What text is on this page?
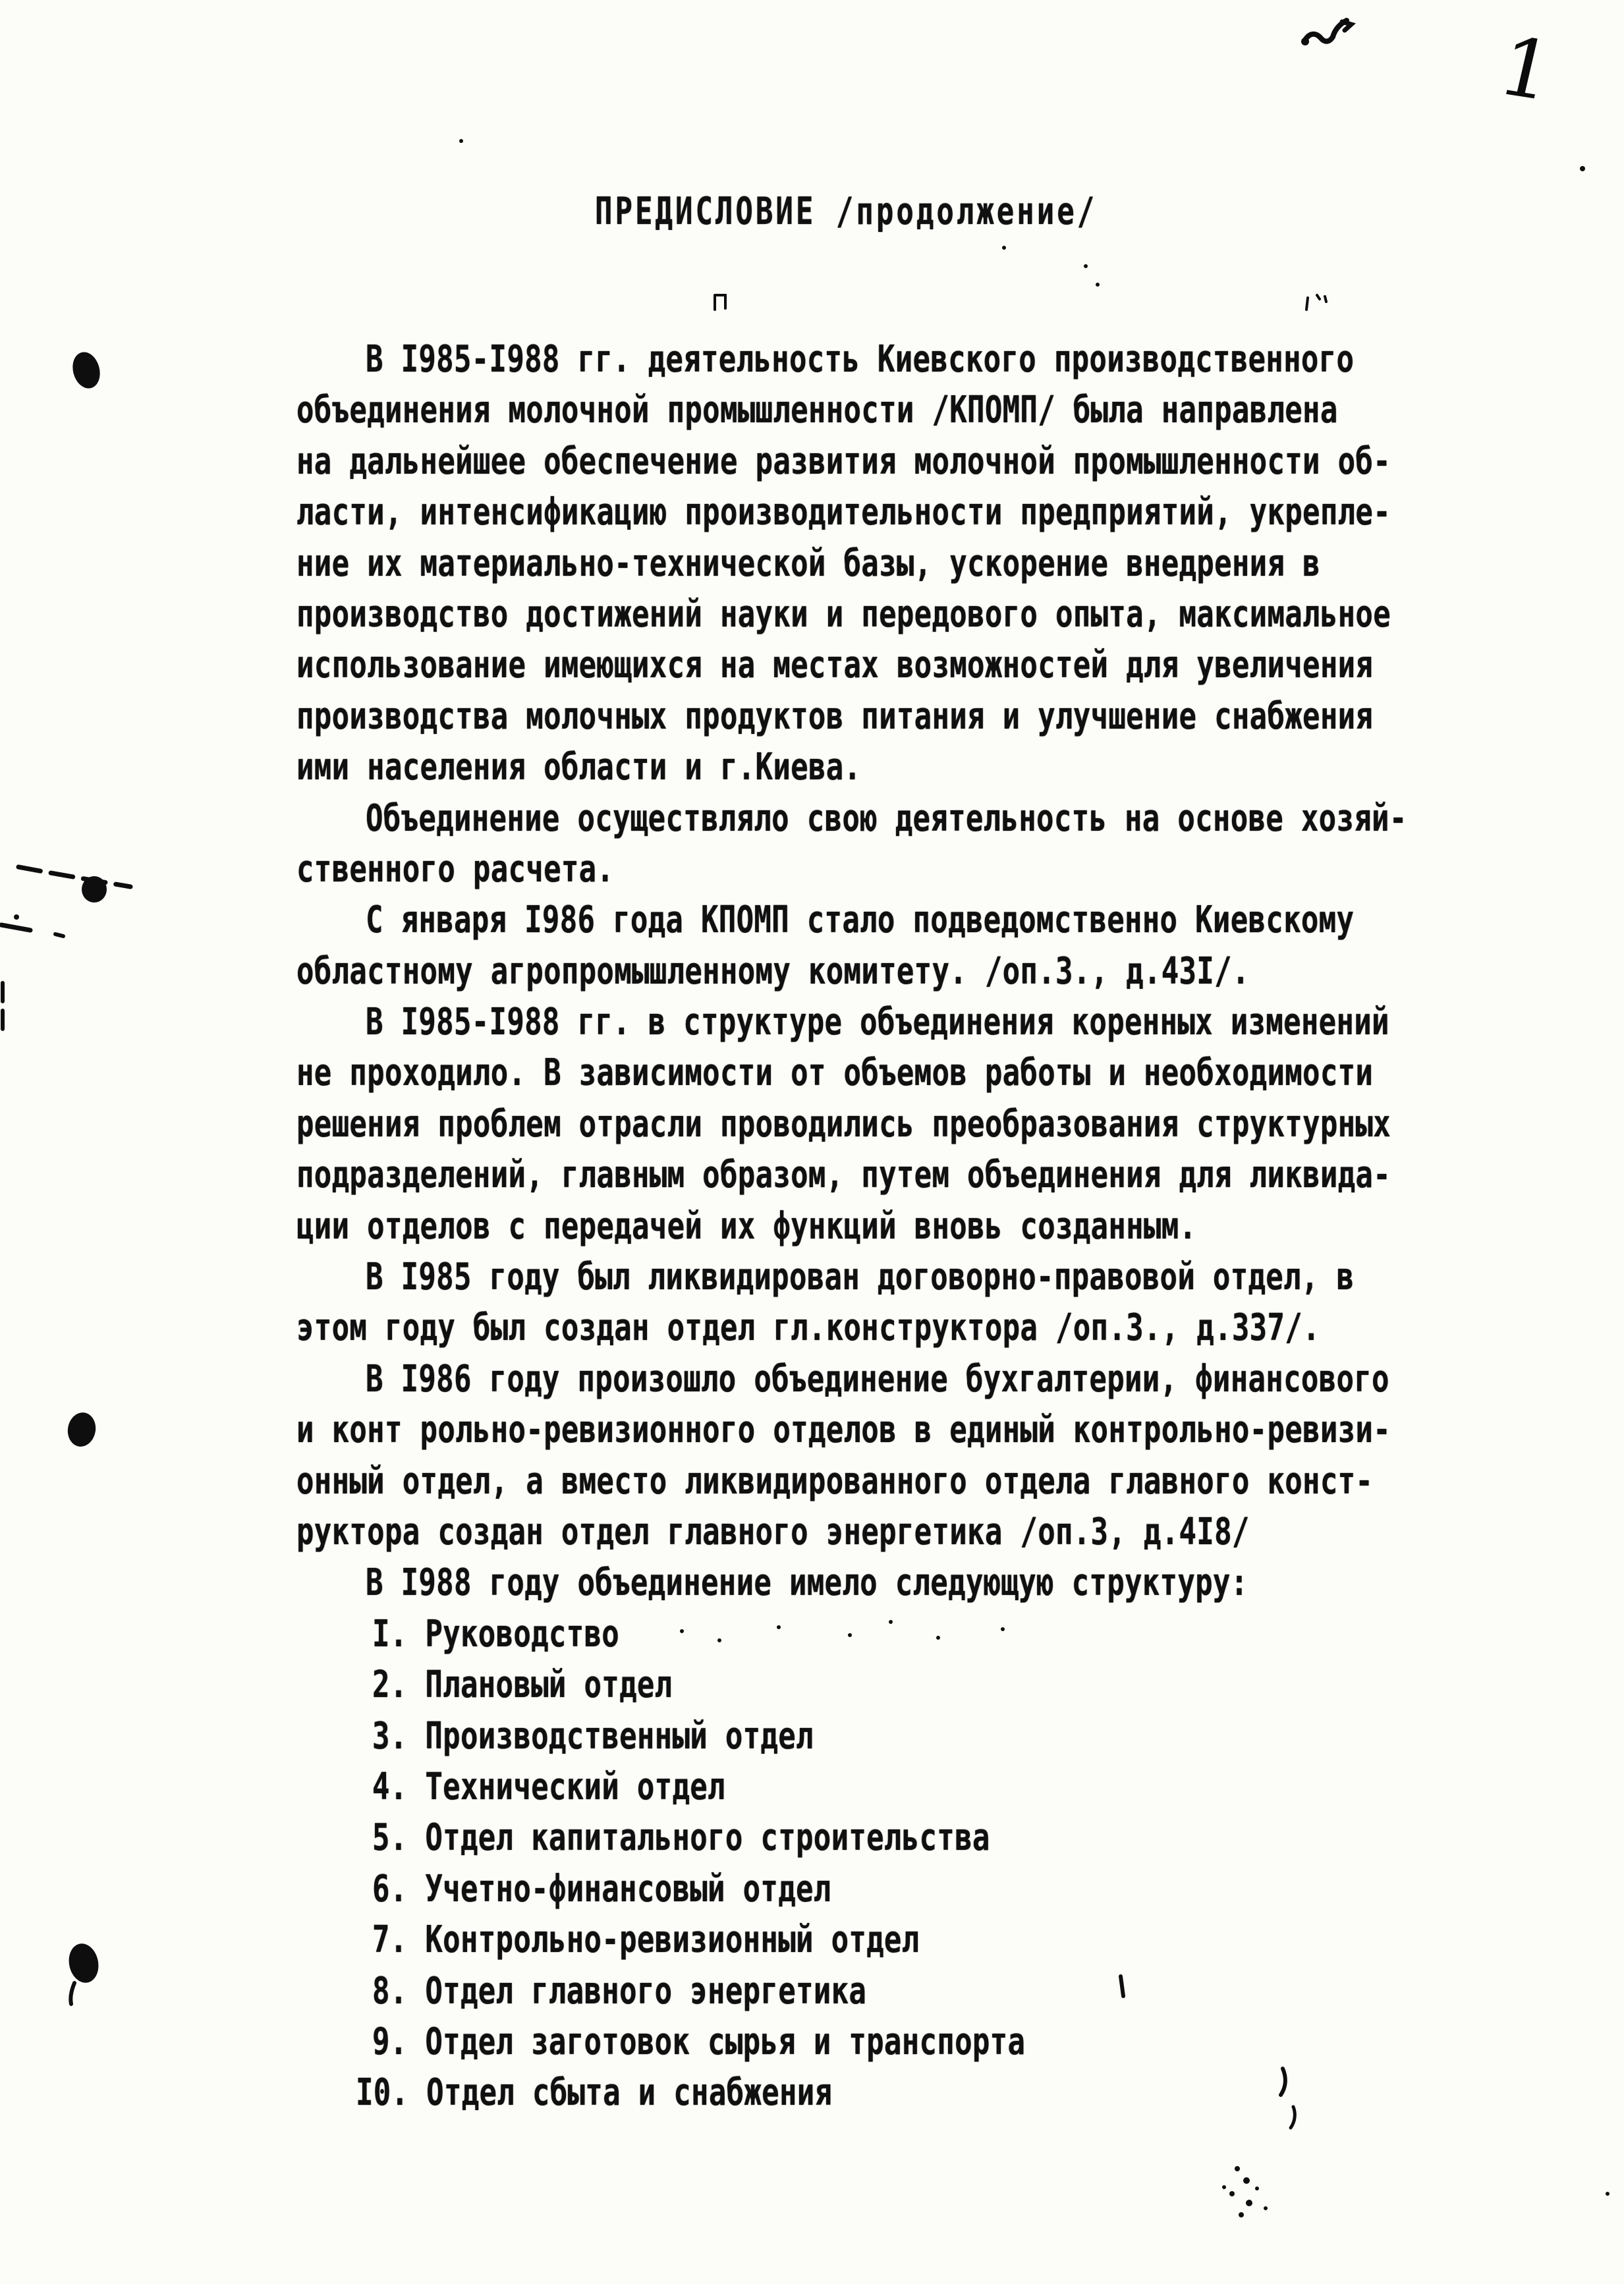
ПРЕДИСЛОВИЕ /продолжение/
1
В I985-I988 гг. деятельность Киевского производственного
объединения молочной промышленности /КПОМП/ была направлена
на дальнейшее обеспечение развития молочной промышленности об-
ласти, интенсификацию производительности предприятий, укрепле-
ние их материально-технической базы, ускорение внедрения в
производство достижений науки и передового опыта, максимальное
использование имеющихся на местах возможностей для увеличения
производства молочных продуктов питания и улучшение снабжения
ими населения области и г.Киева.
Объединение осуществляло свою деятельность на основе хозяй-
ственного расчета.
С января I986 года КПОМП стало подведомственно Киевскому
областному агропромышленному комитету. /оп.3., д.43I/.
В I985-I988 гг. в структуре объединения коренных изменений
не проходило. В зависимости от объемов работы и необходимости
решения проблем отрасли проводились преобразования структурных
подразделений, главным образом, путем объединения для ликвида-
ции отделов с передачей их функций вновь созданным.
В I985 году был ликвидирован договорно-правовой отдел, в
этом году был создан отдел гл.конструктора /оп.3., д.337/.
В I986 году произошло объединение бухгалтерии, финансового
и конт рольно-ревизионного отделов в единый контрольно-ревизи-
онный отдел, а вместо ликвидированного отдела главного конст-
руктора создан отдел главного энергетика /оп.3, д.4I8/
В I988 году объединение имело следующую структуру:
I. Руководство
2. Плановый отдел
3. Производственный отдел
4. Технический отдел
5. Отдел капитального строительства
6. Учетно-финансовый отдел
7. Контрольно-ревизионный отдел
8. Отдел главного энергетика
9. Отдел заготовок сырья и транспорта
I0. Отдел сбыта и снабжения
